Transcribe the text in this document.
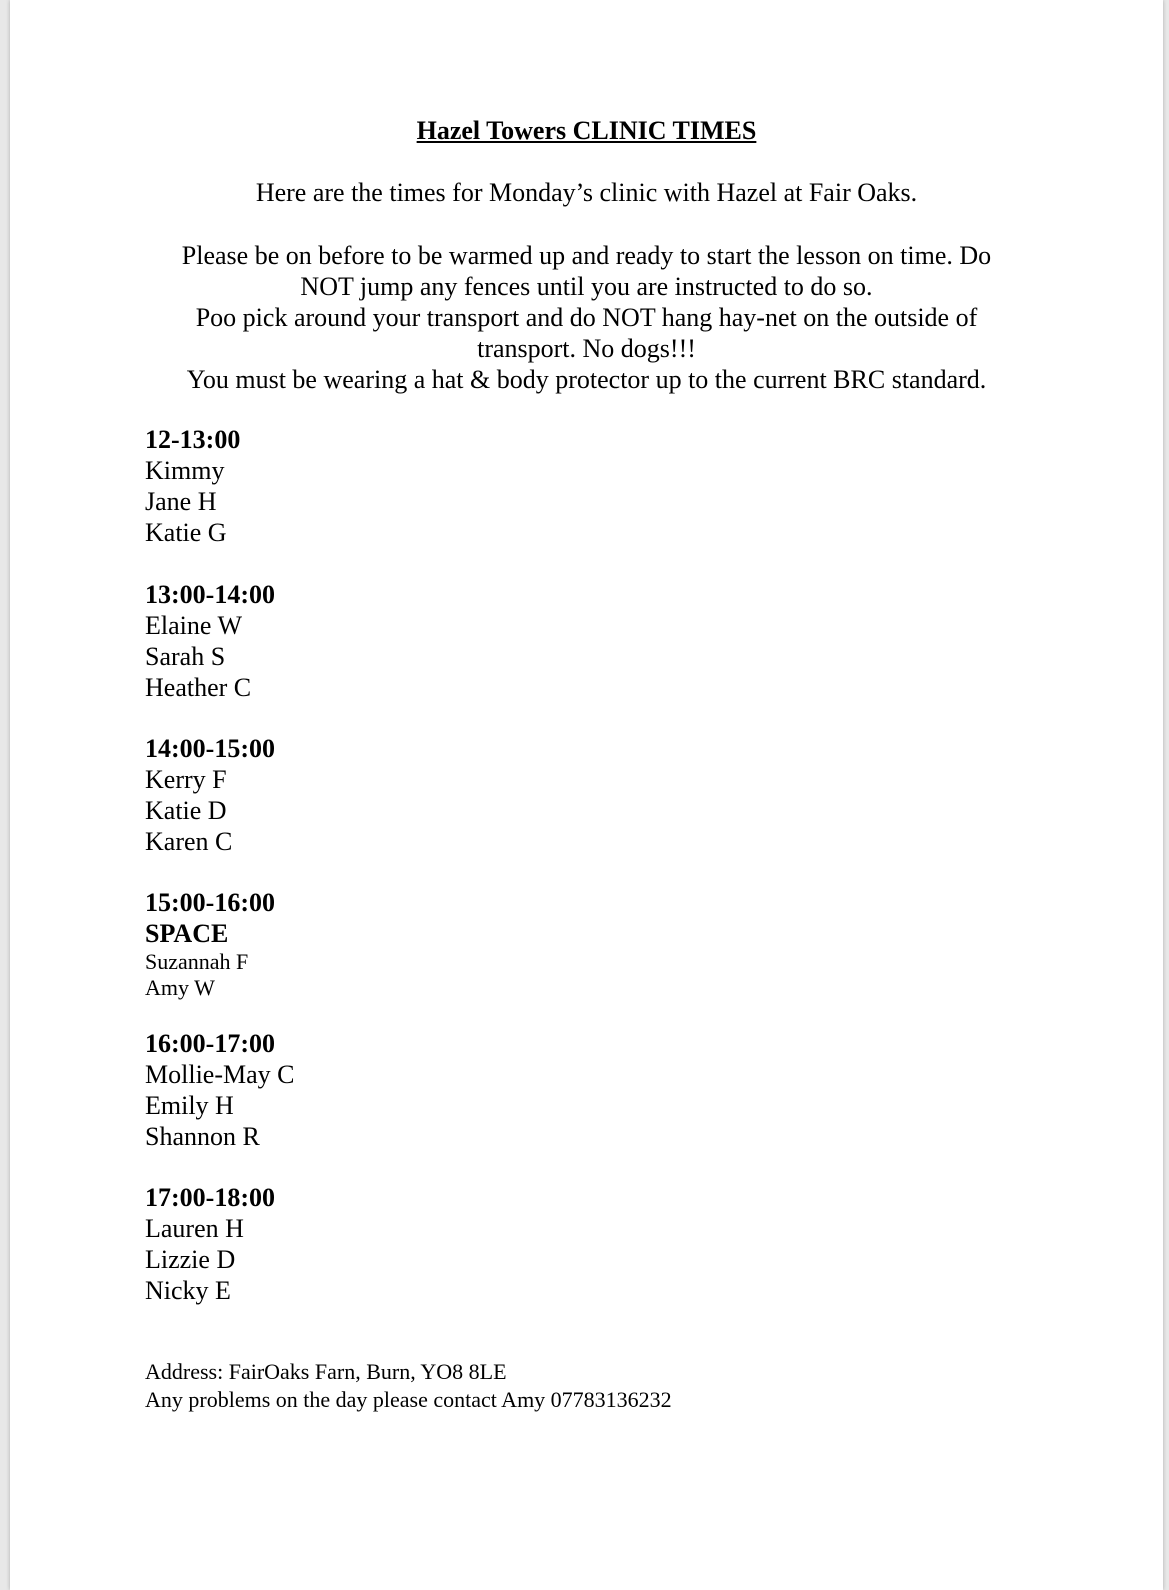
Hazel Towers CLINIC TIMES
Here are the times for Monday’s clinic with Hazel at Fair Oaks.
Please be on before to be warmed up and ready to start the lesson on time. Do
NOT jump any fences until you are instructed to do so.
Poo pick around your transport and do NOT hang hay-net on the outside of
transport. No dogs!!!
You must be wearing a hat & body protector up to the current BRC standard.
12-13:00
Kimmy
Jane H
Katie G
13:00-14:00
Elaine W
Sarah S
Heather C
14:00-15:00
Kerry F
Katie D
Karen C
15:00-16:00
SPACE
Suzannah F
Amy W
16:00-17:00
Mollie-May C
Emily H
Shannon R
17:00-18:00
Lauren H
Lizzie D
Nicky E
Address: FairOaks Farn, Burn, YO8 8LE
Any problems on the day please contact Amy 07783136232
